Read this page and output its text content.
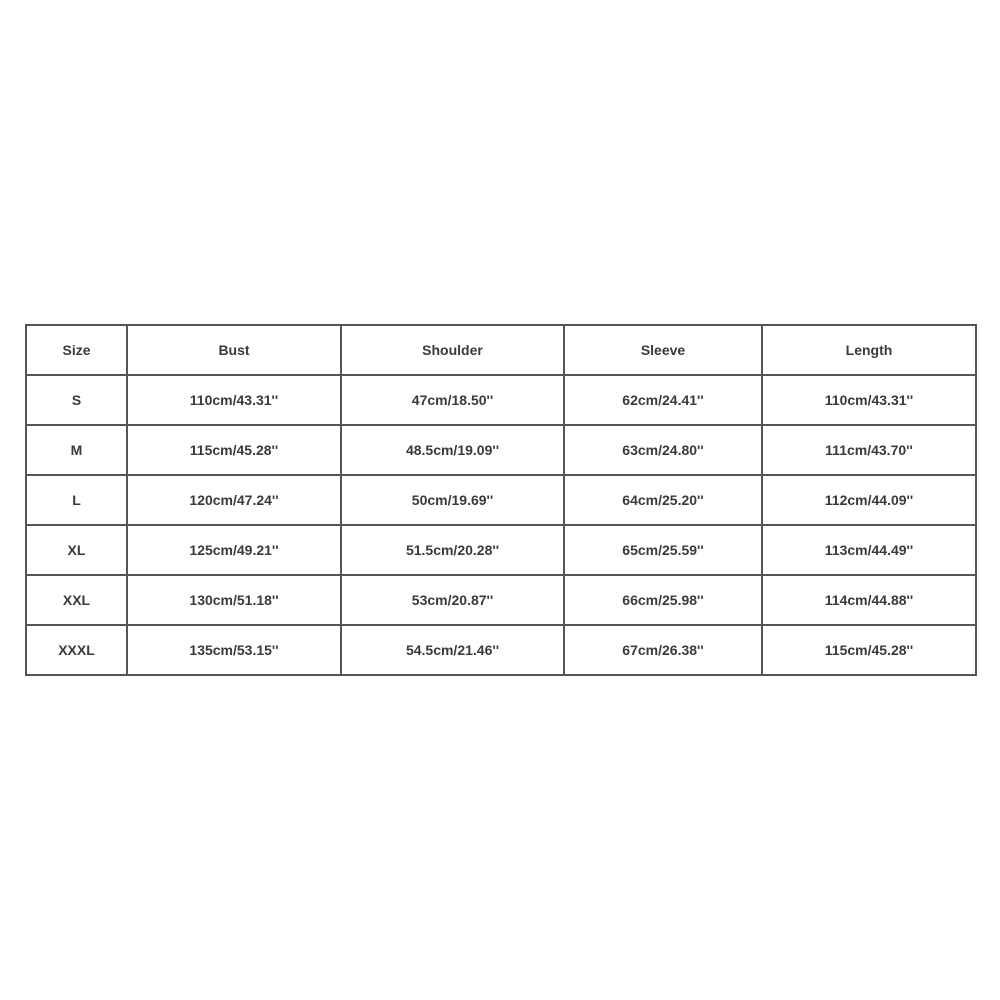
Size	Bust	Shoulder	Sleeve	Length
S	110cm/43.31''	47cm/18.50''	62cm/24.41''	110cm/43.31''
M	115cm/45.28''	48.5cm/19.09''	63cm/24.80''	111cm/43.70''
L	120cm/47.24''	50cm/19.69''	64cm/25.20''	112cm/44.09''
XL	125cm/49.21''	51.5cm/20.28''	65cm/25.59''	113cm/44.49''
XXL	130cm/51.18''	53cm/20.87''	66cm/25.98''	114cm/44.88''
XXXL	135cm/53.15''	54.5cm/21.46''	67cm/26.38''	115cm/45.28''
